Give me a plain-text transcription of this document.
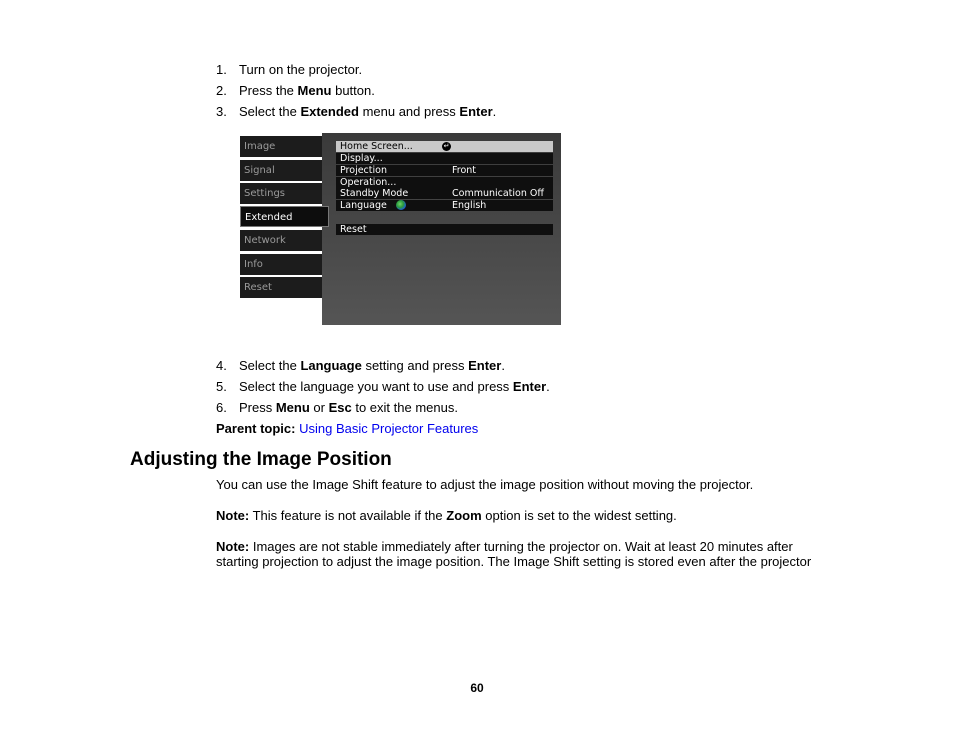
1. Turn on the projector.
2. Press the Menu button.
3. Select the Extended menu and press Enter.
Image
Signal
Settings
Extended
Network
Info
Reset
Home Screen...	↵
Display...
Projection	Front
Operation...
Standby Mode	Communication Off
Language	English
Reset
4. Select the Language setting and press Enter.
5. Select the language you want to use and press Enter.
6. Press Menu or Esc to exit the menus.
Parent topic: Using Basic Projector Features
Adjusting the Image Position
You can use the Image Shift feature to adjust the image position without moving the projector.
Note: This feature is not available if the Zoom option is set to the widest setting.
Note: Images are not stable immediately after turning the projector on. Wait at least 20 minutes after starting projection to adjust the image position. The Image Shift setting is stored even after the projector
60
